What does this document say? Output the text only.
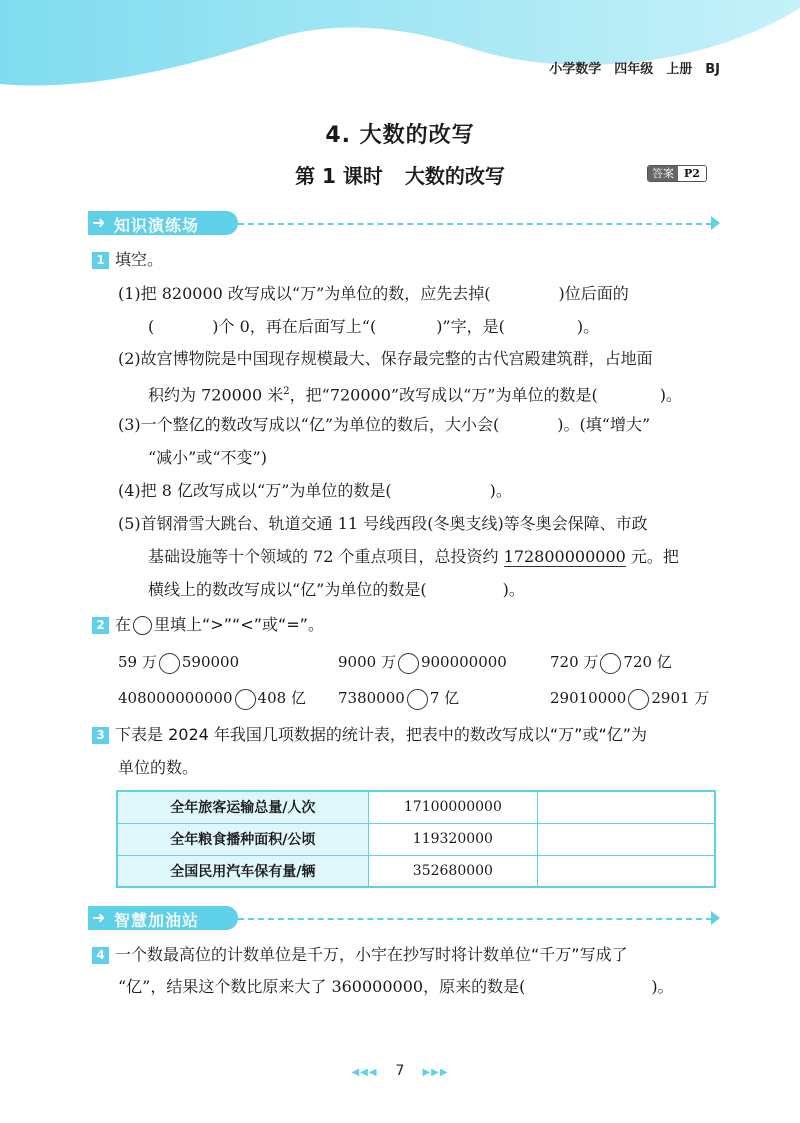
小学数学　四年级　上册　BJ
4. 大数的改写
第 1 课时 大数的改写	答案 P2
➜ 知识演练场
1 填空。
(1)把 820000 改写成以“万”为单位的数，应先去掉(	)位后面的
(	)个 0，再在后面写上“(	)”字，是(	)。
(2)故宫博物院是中国现存规模最大、保存最完整的古代宫殿建筑群，占地面
积约为 720000 米$^2$，把“720000”改写成以“万”为单位的数是(	)。
(3)一个整亿的数改写成以“亿”为单位的数后，大小会(	)。(填“增大”
“减小”或“不变”)
(4)把 8 亿改写成以“万”为单位的数是(	)。
(5)首钢滑雪大跳台、轨道交通 11 号线西段(冬奥支线)等冬奥会保障、市政
基础设施等十个领域的 72 个重点项目，总投资约 172800000000 元。把
横线上的数改写成以“亿”为单位的数是(	)。
2 在 里填上“>”“<”或“=”。
59 万 590000	9000 万 900000000	720 万 720 亿
408000000000 408 亿 7380000 7 亿	29010000 2901 万
3 下表是 2024 年我国几项数据的统计表，把表中的数改写成以“万”或“亿”为
单位的数。
全年旅客运输总量/人次	17100000000	
全年粮食播种面积/公顷	119320000	
全国民用汽车保有量/辆	352680000	
➜ 智慧加油站
4 一个数最高位的计数单位是千万，小宇在抄写时将计数单位“千万”写成了
“亿”，结果这个数比原来大了 360000000，原来的数是(	)。
◀◀◀ 7 ▶▶▶
